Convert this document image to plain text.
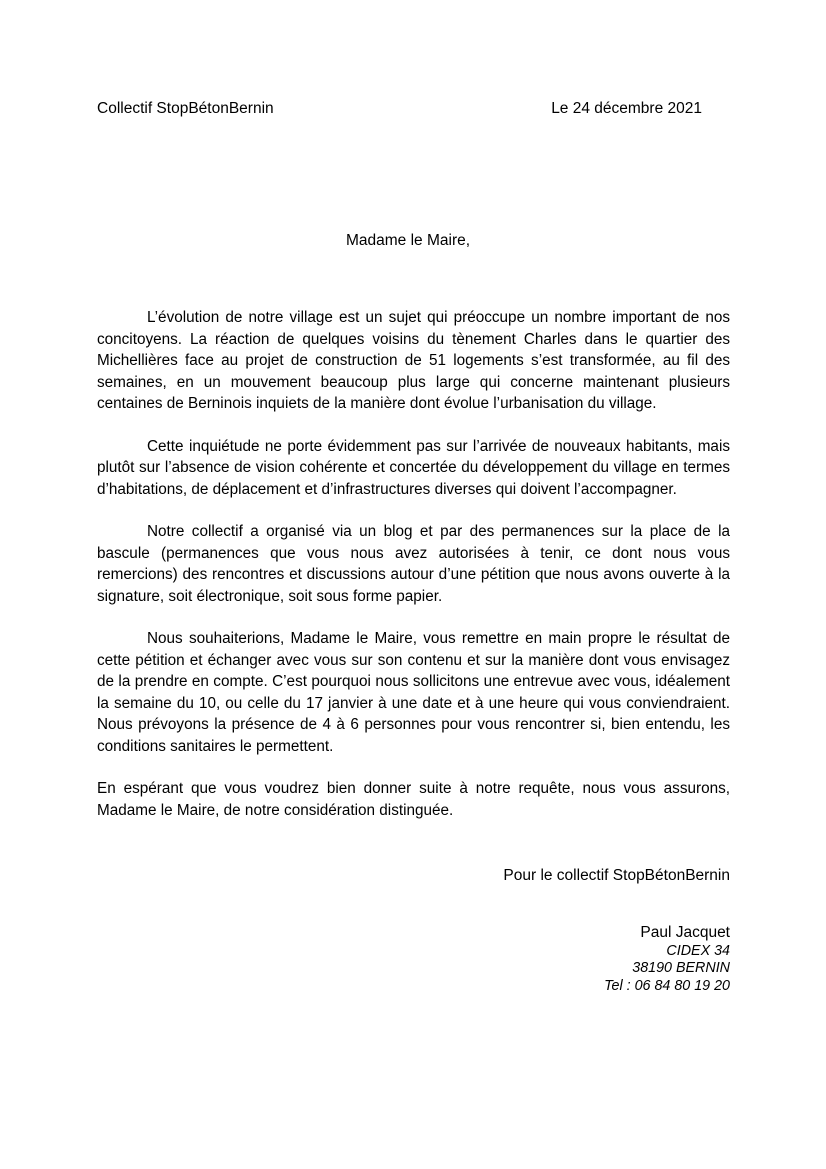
Collectif StopBétonBernin	Le 24 décembre 2021
Madame le Maire,

L’évolution de notre village est un sujet qui préoccupe un nombre important de nos concitoyens. La réaction de quelques voisins du tènement Charles dans le quartier des Michellières face au projet de construction de 51 logements s’est transformée, au fil des semaines, en un mouvement beaucoup plus large qui concerne maintenant plusieurs centaines de Berninois inquiets de la manière dont évolue l’urbanisation du village.

Cette inquiétude ne porte évidemment pas sur l’arrivée de nouveaux habitants, mais plutôt sur l’absence de vision cohérente et concertée du développement du village en termes d’habitations, de déplacement et d’infrastructures diverses qui doivent l’accompagner.

Notre collectif a organisé via un blog et par des permanences sur la place de la bascule (permanences que vous nous avez autorisées à tenir, ce dont nous vous remercions) des rencontres et discussions autour d’une pétition que nous avons ouverte à la signature, soit électronique, soit sous forme papier.

Nous souhaiterions, Madame le Maire, vous remettre en main propre le résultat de cette pétition et échanger avec vous sur son contenu et sur la manière dont vous envisagez de la prendre en compte. C’est pourquoi nous sollicitons une entrevue avec vous, idéalement la semaine du 10, ou celle du 17 janvier à une date et à une heure qui vous conviendraient. Nous prévoyons la présence de 4 à 6 personnes pour vous rencontrer si, bien entendu, les conditions sanitaires le permettent.

En espérant que vous voudrez bien donner suite à notre requête, nous vous assurons, Madame le Maire, de notre considération distinguée.

Pour le collectif StopBétonBernin
Paul Jacquet
CIDEX 34
38190 BERNIN
Tel : 06 84 80 19 20
